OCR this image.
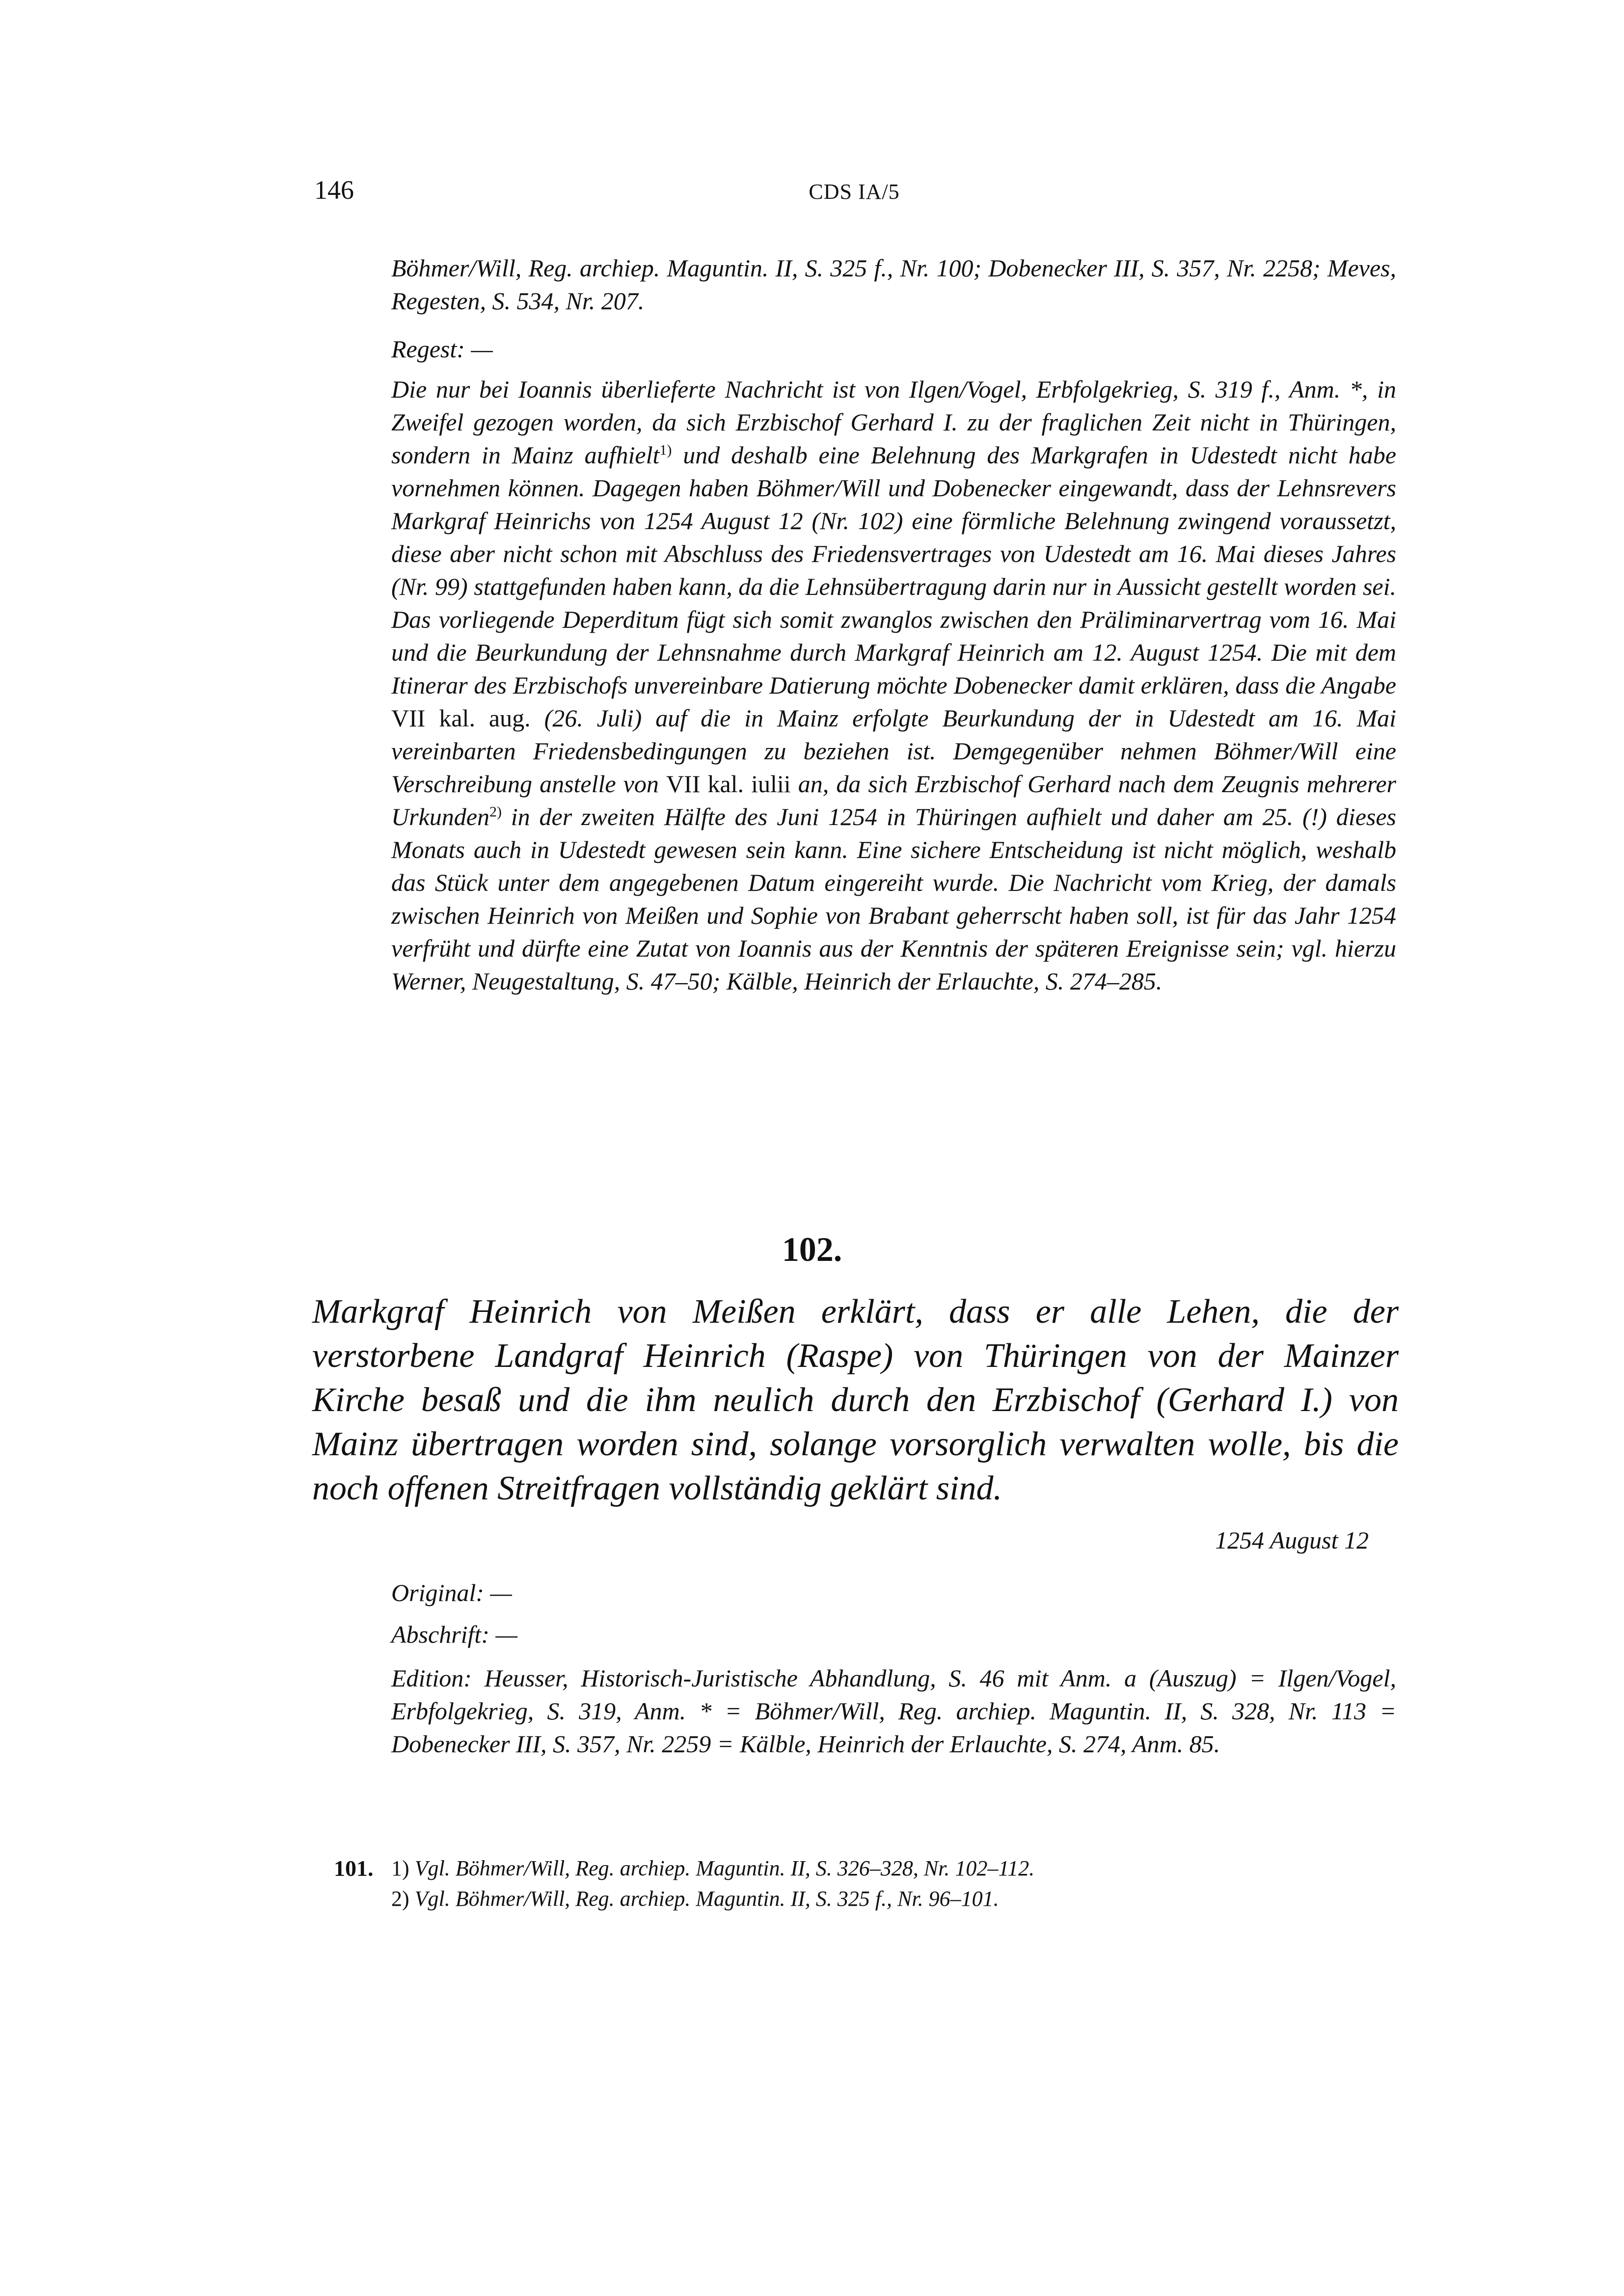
146	CDS IA/5
Böhmer/Will, Reg. archiep. Maguntin. II, S. 325 f., Nr. 100; Dobenecker III, S. 357, Nr. 2258; Meves, Regesten, S. 534, Nr. 207.
Regest: —
Die nur bei Ioannis überlieferte Nachricht ist von Ilgen/Vogel, Erbfolgekrieg, S. 319 f., Anm. *, in Zweifel gezogen worden, da sich Erzbischof Gerhard I. zu der fraglichen Zeit nicht in Thüringen, sondern in Mainz aufhielt$^{1)}$ und deshalb eine Belehnung des Markgrafen in Udestedt nicht habe vornehmen können. Dagegen haben Böhmer/Will und Dobenecker eingewandt, dass der Lehnsrevers Markgraf Heinrichs von 1254 August 12 (Nr. 102) eine förmliche Belehnung zwingend voraussetzt, diese aber nicht schon mit Abschluss des Friedensvertrages von Udestedt am 16. Mai dieses Jahres (Nr. 99) stattgefunden haben kann, da die Lehnsübertragung darin nur in Aussicht gestellt worden sei. Das vorliegende Deperditum fügt sich somit zwanglos zwischen den Präliminarvertrag vom 16. Mai und die Beurkundung der Lehnsnahme durch Markgraf Heinrich am 12. August 1254. Die mit dem Itinerar des Erzbischofs unvereinbare Datierung möchte Dobenecker damit erklären, dass die Angabe VII kal. aug. (26. Juli) auf die in Mainz erfolgte Beurkundung der in Udestedt am 16. Mai vereinbarten Friedensbedingungen zu beziehen ist. Demgegenüber nehmen Böhmer/Will eine Verschreibung anstelle von VII kal. iulii an, da sich Erzbischof Gerhard nach dem Zeugnis mehrerer Urkunden$^{2)}$ in der zweiten Hälfte des Juni 1254 in Thüringen aufhielt und daher am 25. (!) dieses Monats auch in Udestedt gewesen sein kann. Eine sichere Entscheidung ist nicht möglich, weshalb das Stück unter dem angegebenen Datum eingereiht wurde. Die Nachricht vom Krieg, der damals zwischen Heinrich von Meißen und Sophie von Brabant geherrscht haben soll, ist für das Jahr 1254 verfrüht und dürfte eine Zutat von Ioannis aus der Kenntnis der späteren Ereignisse sein; vgl. hierzu Werner, Neugestaltung, S. 47–50; Kälble, Heinrich der Erlauchte, S. 274–285.
102.
Markgraf Heinrich von Meißen erklärt, dass er alle Lehen, die der verstorbene Landgraf Heinrich (Raspe) von Thüringen von der Mainzer Kirche besaß und die ihm neulich durch den Erzbischof (Gerhard I.) von Mainz übertragen worden sind, solange vorsorglich verwalten wolle, bis die noch offenen Streitfragen vollständig geklärt sind.
1254 August 12
Original: —
Abschrift: —
Edition: Heusser, Historisch-Juristische Abhandlung, S. 46 mit Anm. a (Auszug) = Ilgen/Vogel, Erbfolgekrieg, S. 319, Anm. * = Böhmer/Will, Reg. archiep. Maguntin. II, S. 328, Nr. 113 = Dobenecker III, S. 357, Nr. 2259 = Kälble, Heinrich der Erlauchte, S. 274, Anm. 85.
101. 1) Vgl. Böhmer/Will, Reg. archiep. Maguntin. II, S. 326–328, Nr. 102–112.
2) Vgl. Böhmer/Will, Reg. archiep. Maguntin. II, S. 325 f., Nr. 96–101.
